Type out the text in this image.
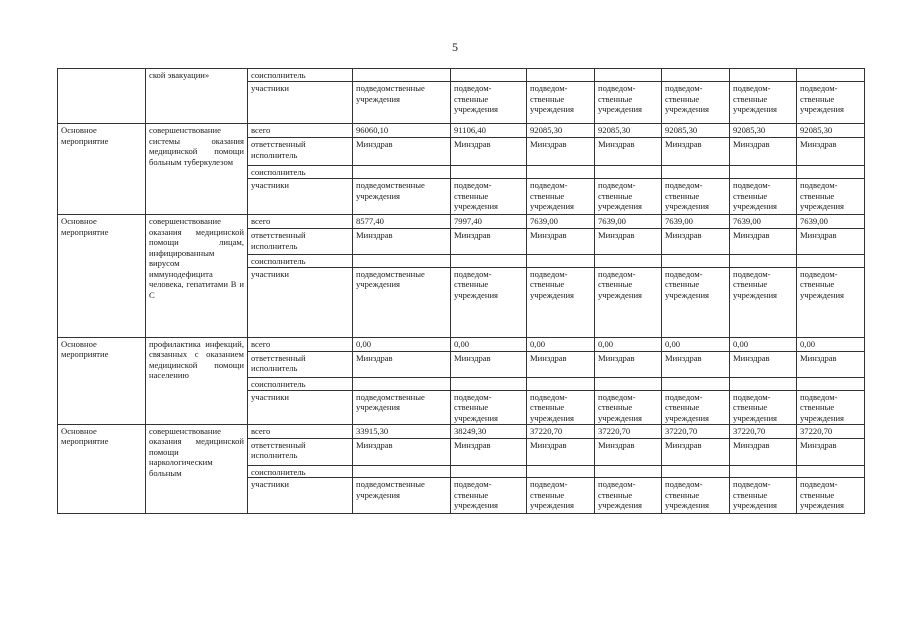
5
	ской эвакуации»	соисполнитель							
		участники	подведомственные учреждения	подведом- ственные учреждения	подведом- ственные учреждения	подведом- ственные учреждения	подведом- ственные учреждения	подведом- ственные учреждения	подведом- ственные учреждения
Основное мероприятие	совершенствование системы оказания медицинской помощи больным туберкулезом	всего	96060,10	91106,40	92085,30	92085,30	92085,30	92085,30	92085,30
		ответственный исполнитель	Минздрав	Минздрав	Минздрав	Минздрав	Минздрав	Минздрав	Минздрав
		соисполнитель							
		участники	подведомственные учреждения	подведом- ственные учреждения	подведом- ственные учреждения	подведом- ственные учреждения	подведом- ственные учреждения	подведом- ственные учреждения	подведом- ственные учреждения
Основное мероприятие	совершенствование оказания медицинской помощи лицам, инфицированным вирусом иммунодефицита человека, гепатитами В и С	всего	8577,40	7997,40	7639,00	7639,00	7639,00	7639,00	7639,00
		ответственный исполнитель	Минздрав	Минздрав	Минздрав	Минздрав	Минздрав	Минздрав	Минздрав
		соисполнитель							
		участники	подведомственные учреждения	подведом- ственные учреждения	подведом- ственные учреждения	подведом- ственные учреждения	подведом- ственные учреждения	подведом- ственные учреждения	подведом- ственные учреждения
Основное мероприятие	профилактика инфекций, связанных с оказанием медицинской помощи населению	всего	0,00	0,00	0,00	0,00	0,00	0,00	0,00
		ответственный исполнитель	Минздрав	Минздрав	Минздрав	Минздрав	Минздрав	Минздрав	Минздрав
		соисполнитель							
		участники	подведомственные учреждения	подведом- ственные учреждения	подведом- ственные учреждения	подведом- ственные учреждения	подведом- ственные учреждения	подведом- ственные учреждения	подведом- ственные учреждения
Основное мероприятие	совершенствование оказания медицинской помощи наркологическим больным	всего	33915,30	38249,30	37220,70	37220,70	37220,70	37220,70	37220,70
		ответственный исполнитель	Минздрав	Минздрав	Минздрав	Минздрав	Минздрав	Минздрав	Минздрав
		соисполнитель							
		участники	подведомственные учреждения	подведом- ственные учреждения	подведом- ственные учреждения	подведом- ственные учреждения	подведом- ственные учреждения	подведом- ственные учреждения	подведом- ственные учреждения
